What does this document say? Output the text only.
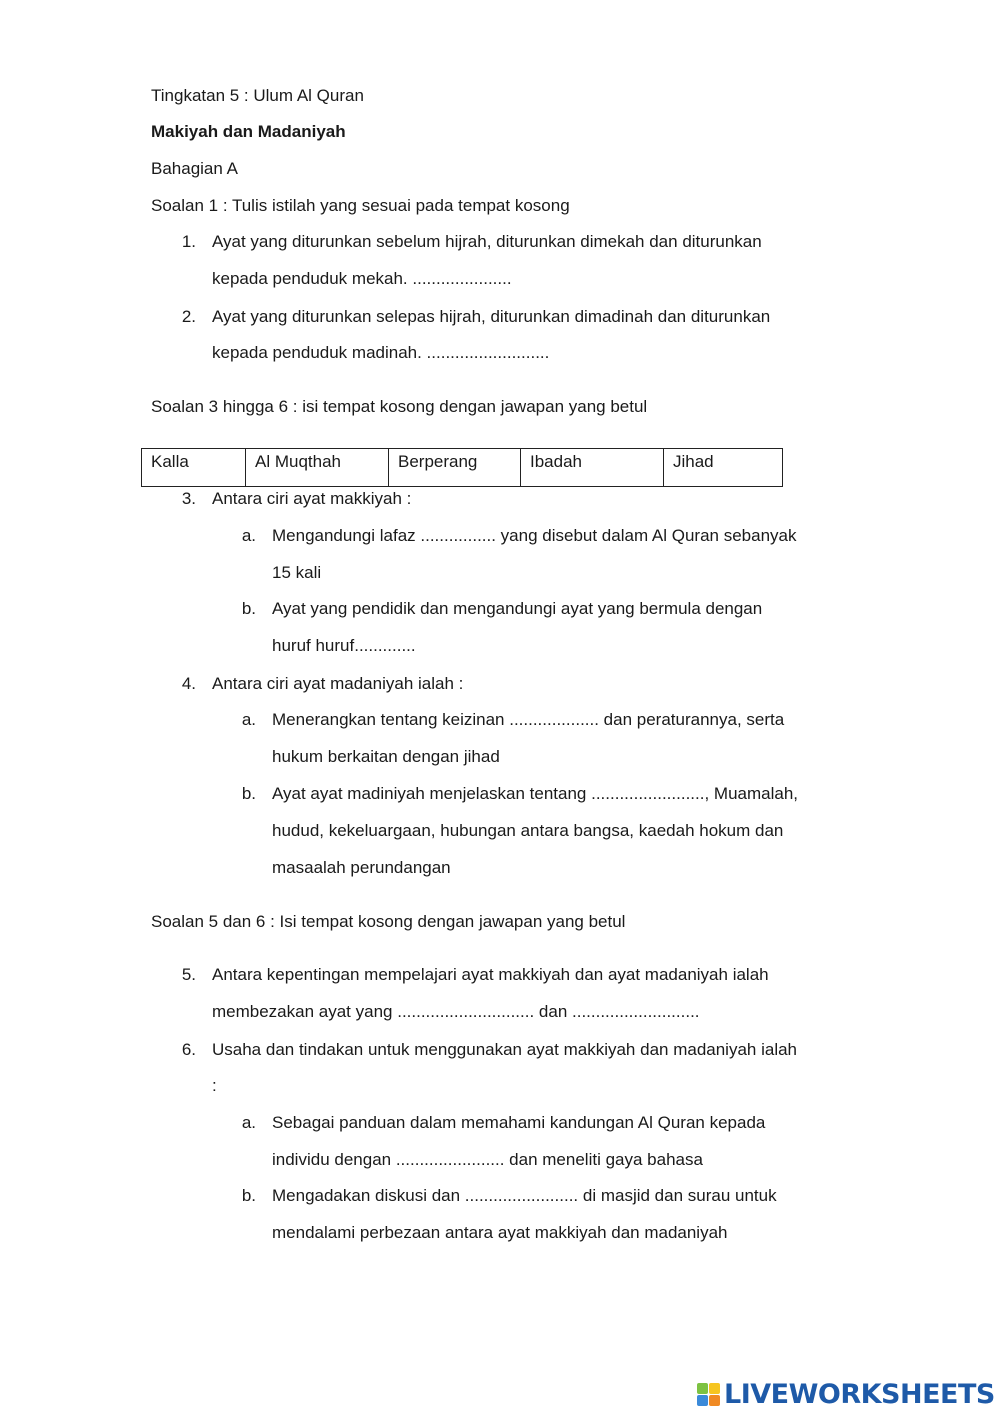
Tingkatan 5 : Ulum Al Quran
Makiyah dan Madaniyah
Bahagian A
Soalan 1 : Tulis istilah yang sesuai pada tempat kosong
1. Ayat yang diturunkan sebelum hijrah, diturunkan dimekah dan diturunkan
kepada penduduk mekah. .....................
2. Ayat yang diturunkan selepas hijrah, diturunkan dimadinah dan diturunkan
kepada penduduk madinah. ..........................
Soalan 3 hingga 6 : isi tempat kosong dengan jawapan yang betul
Kalla	Al Muqthah	Berperang	Ibadah	Jihad
3. Antara ciri ayat makkiyah :
a. Mengandungi lafaz ................ yang disebut dalam Al Quran sebanyak
15 kali
b. Ayat yang pendidik dan mengandungi ayat yang bermula dengan
huruf huruf.............
4. Antara ciri ayat madaniyah ialah :
a. Menerangkan tentang keizinan ................... dan peraturannya, serta
hukum berkaitan dengan jihad
b. Ayat ayat madiniyah menjelaskan tentang ........................, Muamalah,
hudud, kekeluargaan, hubungan antara bangsa, kaedah hokum dan
masaalah perundangan
Soalan 5 dan 6 : Isi tempat kosong dengan jawapan yang betul
5. Antara kepentingan mempelajari ayat makkiyah dan ayat madaniyah ialah
membezakan ayat yang ............................. dan ...........................
6. Usaha dan tindakan untuk menggunakan ayat makkiyah dan madaniyah ialah
:
a. Sebagai panduan dalam memahami kandungan Al Quran kepada
individu dengan ....................... dan meneliti gaya bahasa
b. Mengadakan diskusi dan ........................ di masjid dan surau untuk
mendalami perbezaan antara ayat makkiyah dan madaniyah
LIVEWORKSHEETS
